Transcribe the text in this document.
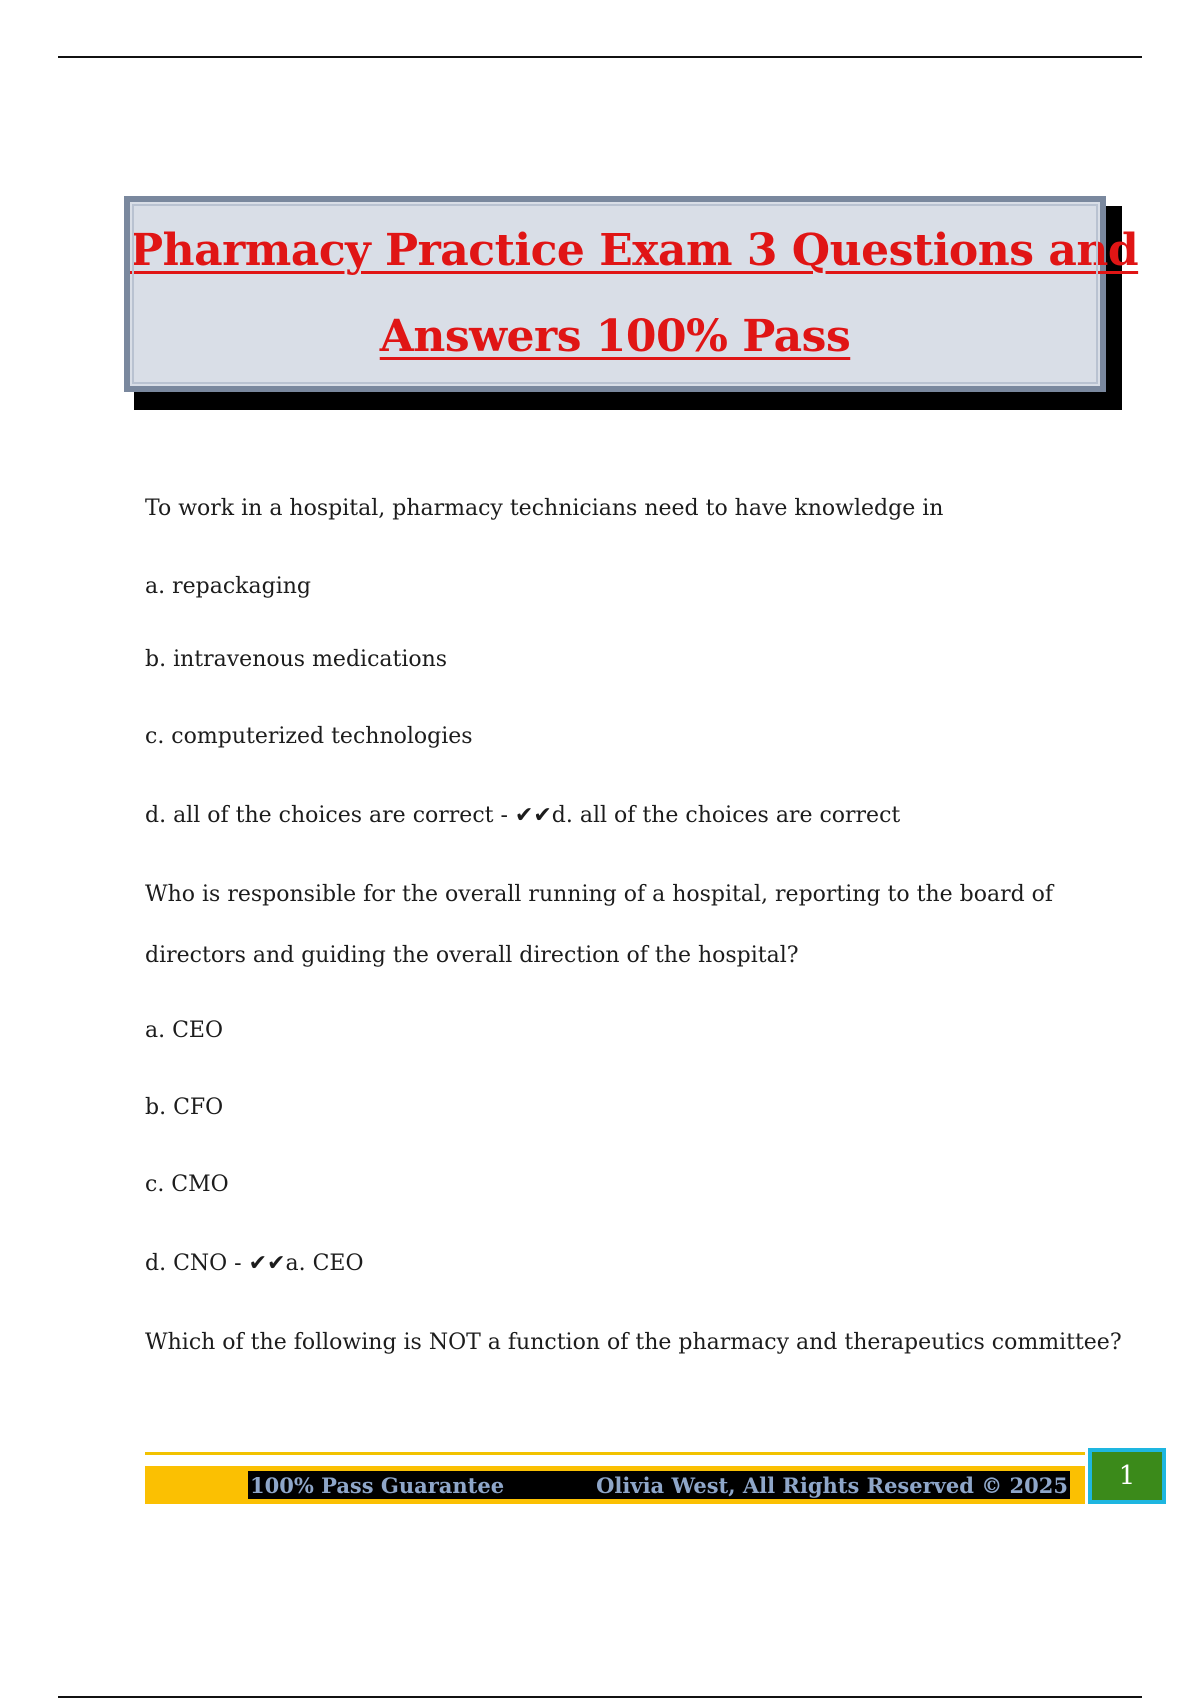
Pharmacy Practice Exam 3 Questions and
Answers 100% Pass
To work in a hospital, pharmacy technicians need to have knowledge in
a. repackaging
b. intravenous medications
c. computerized technologies
d. all of the choices are correct - ✔✔d. all of the choices are correct
Who is responsible for the overall running of a hospital, reporting to the board of
directors and guiding the overall direction of the hospital?
a. CEO
b. CFO
c. CMO
d. CNO - ✔✔a. CEO
Which of the following is NOT a function of the pharmacy and therapeutics committee?
100% Pass Guarantee	Olivia West, All Rights Reserved © 2025 1
